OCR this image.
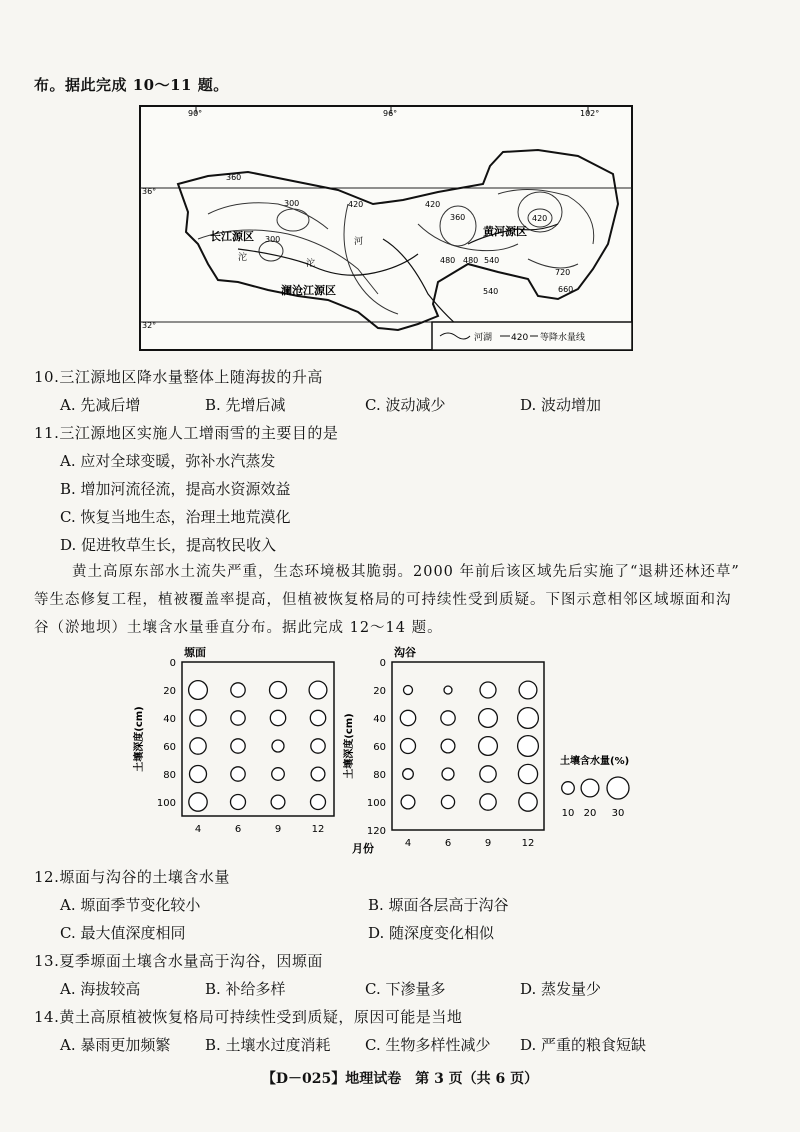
布。据此完成 10～11 题。
90°	96°	102°
36°
32°
360
300
300
420	420
360	420
480 480 540
720
660
540
长江源区	黄河源区
澜沧江源区
沱
沱
河
河湖 420 等降水量线
10.三江源地区降水量整体上随海拔的升高
A. 先减后增	B. 先增后减	C. 波动减少	D. 波动增加
11.三江源地区实施人工增雨雪的主要目的是
A. 应对全球变暖，弥补水汽蒸发
B. 增加河流径流，提高水资源效益
C. 恢复当地生态，治理土地荒漠化
D. 促进牧草生长，提高牧民收入
黄土高原东部水土流失严重，生态环境极其脆弱。2000 年前后该区域先后实施了“退耕还林还草”
等生态修复工程，植被覆盖率提高，但植被恢复格局的可持续性受到质疑。下图示意相邻区域塬面和沟
谷（淤地坝）土壤含水量垂直分布。据此完成 12～14 题。
塬面
4	6	9	12
0
20
40
60
80
100
土壤深度(cm)
沟谷
4	6	9	12
0
20
40
60
80
100
120
土壤深度(cm)
月份
土壤含水量(%)
10 20 30
12.塬面与沟谷的土壤含水量
A. 塬面季节变化较小	B. 塬面各层高于沟谷
C. 最大值深度相同	D. 随深度变化相似
13.夏季塬面土壤含水量高于沟谷，因塬面
A. 海拔较高	B. 补给多样	C. 下渗量多	D. 蒸发量少
14.黄土高原植被恢复格局可持续性受到质疑，原因可能是当地
A. 暴雨更加频繁 B. 土壤水过度消耗 C. 生物多样性减少 D. 严重的粮食短缺
【D－025】地理试卷　第 3 页（共 6 页）
